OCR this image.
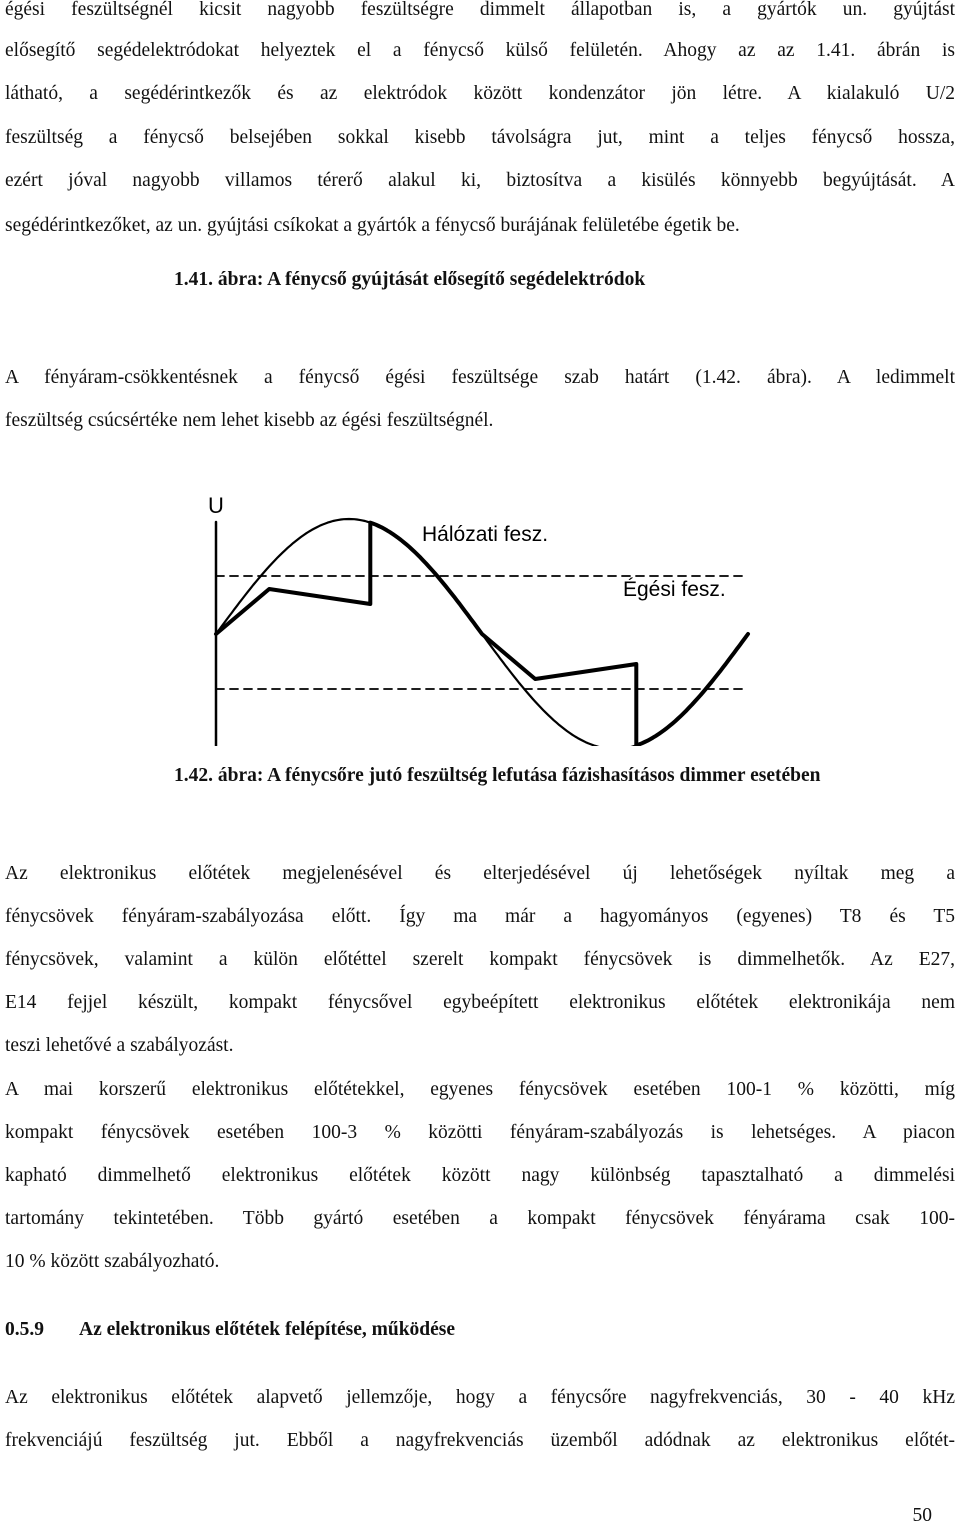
égési feszültségnél kicsit nagyobb feszültségre dimmelt állapotban is, a gyártók un. gyújtást
elősegítő segédelektródokat helyeztek el a fénycső külső felületén. Ahogy az az 1.41. ábrán is
látható, a segédérintkezők és az elektródok között kondenzátor jön létre. A kialakuló U/2
feszültség a fénycső belsejében sokkal kisebb távolságra jut, mint a teljes fénycső hossza,
ezért jóval nagyobb villamos térerő alakul ki, biztosítva a kisülés könnyebb begyújtását. A
segédérintkezőket, az un. gyújtási csíkokat a gyártók a fénycső burájának felületébe égetik be.
1.41. ábra: A fénycső gyújtását elősegítő segédelektródok
A fényáram-csökkentésnek a fénycső égési feszültsége szab határt (1.42. ábra). A ledimmelt
feszültség csúcsértéke nem lehet kisebb az égési feszültségnél.
U
Hálózati fesz.
Égési fesz.
1.42. ábra: A fénycsőre jutó feszültség lefutása fázishasításos dimmer esetében
Az elektronikus előtétek megjelenésével és elterjedésével új lehetőségek nyíltak meg a
fénycsövek fényáram-szabályozása előtt. Így ma már a hagyományos (egyenes) T8 és T5
fénycsövek, valamint a külön előtéttel szerelt kompakt fénycsövek is dimmelhetők. Az E27,
E14 fejjel készült, kompakt fénycsővel egybeépített elektronikus előtétek elektronikája nem
teszi lehetővé a szabályozást.
A mai korszerű elektronikus előtétekkel, egyenes fénycsövek esetében 100-1 % közötti, míg
kompakt fénycsövek esetében 100-3 % közötti fényáram-szabályozás is lehetséges. A piacon
kapható dimmelhető elektronikus előtétek között nagy különbség tapasztalható a dimmelési
tartomány tekintetében. Több gyártó esetében a kompakt fénycsövek fényárama csak 100-
10 % között szabályozható.
0.5.9 Az elektronikus előtétek felépítése, működése
Az elektronikus előtétek alapvető jellemzője, hogy a fénycsőre nagyfrekvenciás, 30 - 40 kHz
frekvenciájú feszültség jut. Ebből a nagyfrekvenciás üzemből adódnak az elektronikus előtét-
50
